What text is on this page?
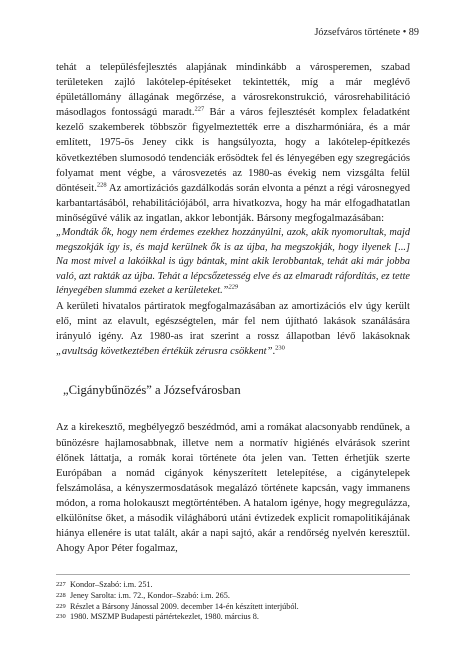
Józsefváros története • 89

tehát a településfejlesztés alapjának mindinkább a városperemen, szabad területeken zajló lakótelep-építéseket tekintették, míg a már meglévő épületállomány állagának megőrzése, a városrekonstrukció, városrehabilitáció másodlagos fontosságú maradt.$^{227}$ Bár a város fejlesztését komplex feladatként kezelő szakemberek többször figyelmeztették erre a diszharmóniára, és a már említett, 1975-ös Jeney cikk is hangsúlyozta, hogy a lakótelep-építkezés következtében slumosodó tendenciák erősödtek fel és lényegében egy szegregációs folyamat ment végbe, a városvezetés az 1980-as évekig nem vizsgálta felül döntéseit.$^{228}$ Az amortizációs gazdálkodás során elvonta a pénzt a régi városnegyed karbantartásából, rehabilitációjából, arra hivatkozva, hogy ha már elfogadhatatlan minőségűvé válik az ingatlan, akkor lebontják. Bársony megfogalmazásában:

„Mondták ők, hogy nem érdemes ezekhez hozzányúlni, azok, akik nyomorultak, majd megszokják így is, és majd kerülnek ők is az újba, ha megszokják, hogy ilyenek [...] Na most mivel a lakóikkal is úgy bántak, mint akik lerobbantak, tehát aki már jobba való, azt rakták az újba. Tehát a lépcsőzetesség elve és az elmaradt ráfordítás, ez tette lényegében slummá ezeket a kerületeket.”$^{229}$

A kerületi hivatalos pártiratok megfogalmazásában az amortizációs elv úgy került elő, mint az elavult, egészségtelen, már fel nem újítható lakások szanálására irányuló igény. Az 1980-as irat szerint a rossz állapotban lévő lakásoknak „avultság következtében értékük zérusra csökkent”.$^{230}$

„Cigánybűnözés” a Józsefvárosban

Az a kirekesztő, megbélyegző beszédmód, ami a romákat alacsonyabb rendűnek, a bűnözésre hajlamosabbnak, illetve nem a normatív higiénés elvárások szerint élőnek láttatja, a romák korai története óta jelen van. Tetten érhetjük szerte Európában a nomád cigányok kényszerített letelepítése, a cigánytelepek felszámolása, a kényszermosdatások megalázó története kapcsán, vagy immanens módon, a roma holokauszt megtörténtében. A hatalom igénye, hogy megregulázza, elkülönítse őket, a második világháború utáni évtizedek explicit romapolitikájának hiánya ellenére is utat talált, akár a napi sajtó, akár a rendőrség nyelvén keresztül. Ahogy Apor Péter fogalmaz,

227 Kondor–Szabó: i.m. 251.
228 Jeney Sarolta: i.m. 72., Kondor–Szabó: i.m. 265.
229 Részlet a Bársony Jánossal 2009. december 14-én készített interjúból.
230 1980. MSZMP Budapesti pártértekezlet, 1980. március 8.
